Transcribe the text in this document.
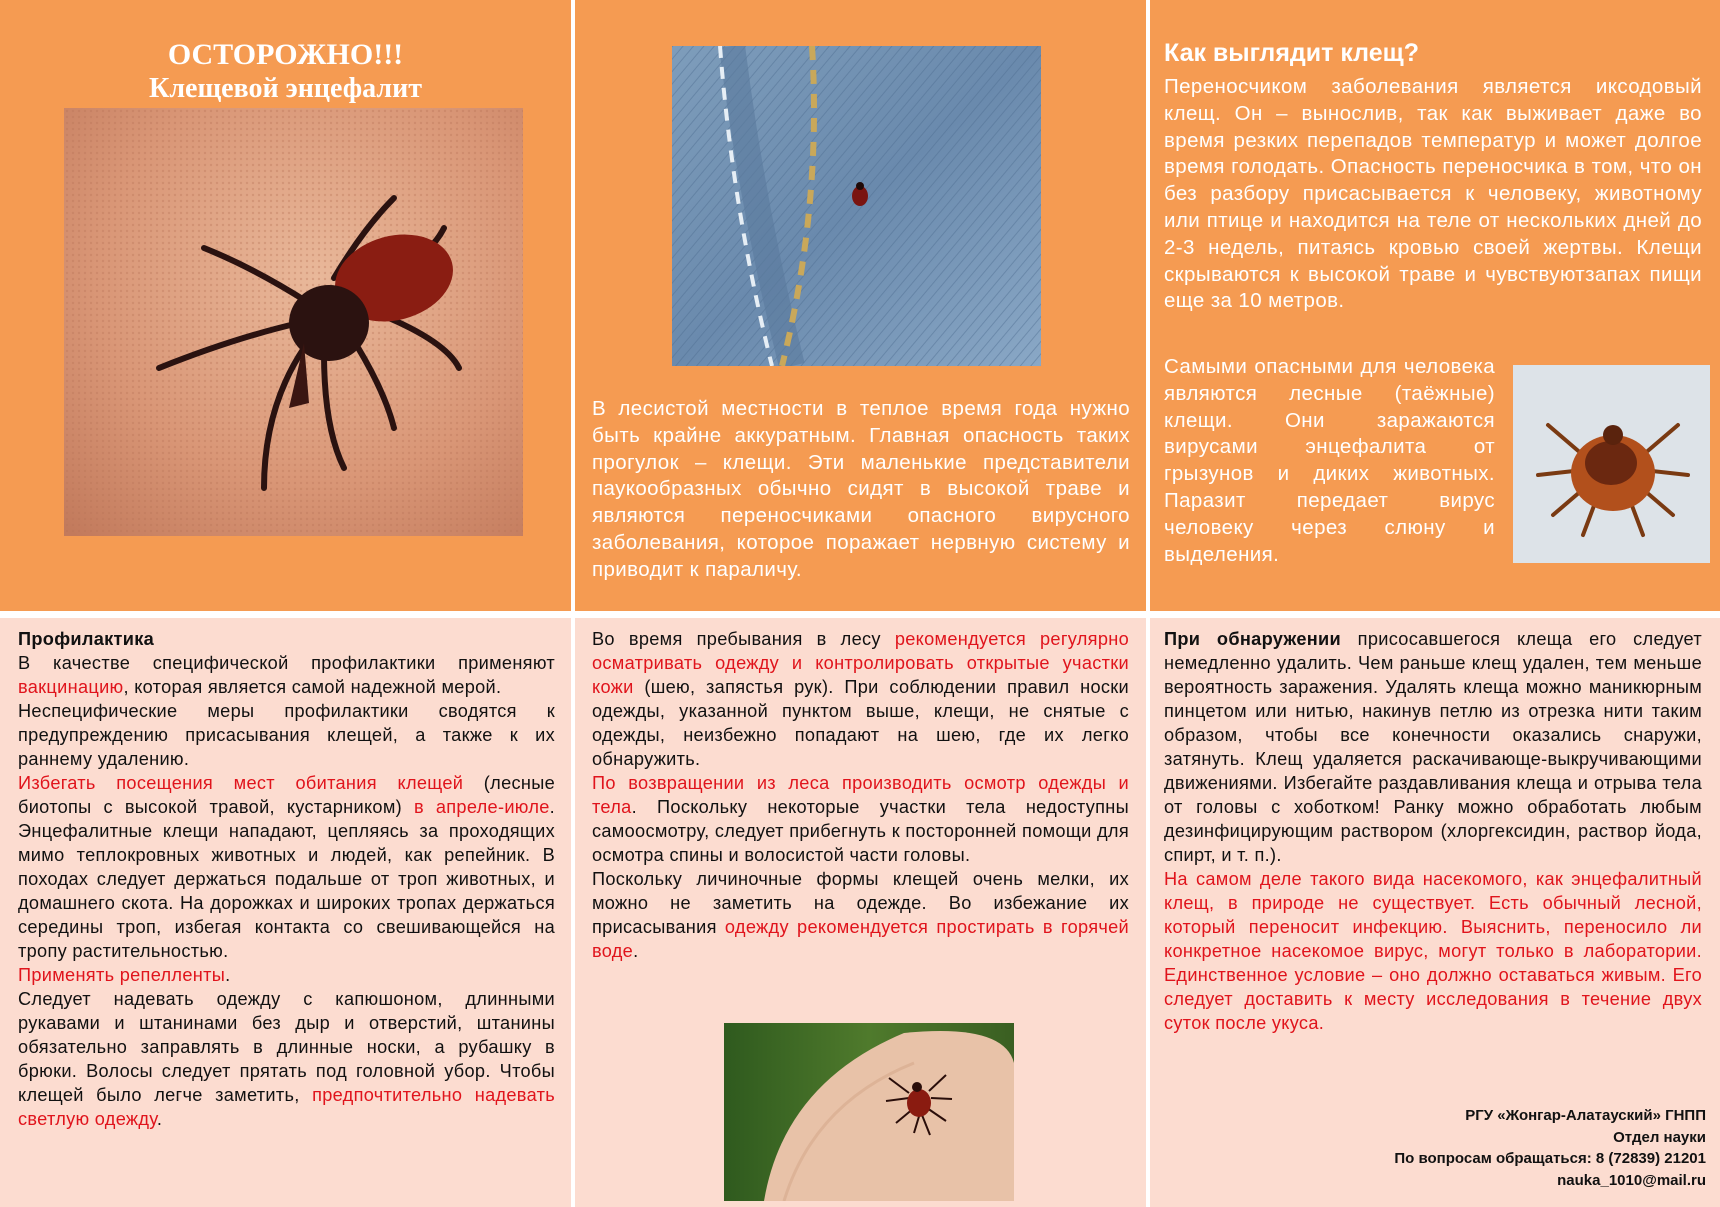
ОСТОРОЖНО!!!
Клещевой энцефалит

В лесистой местности в теплое время года нужно быть крайне аккуратным. Главная опасность таких прогулок – клещи. Эти маленькие представители паукообразных обычно сидят в высокой траве и являются переносчиками опасного вирусного заболевания, которое поражает нервную систему и приводит к параличу.

Как выглядит клещ?

Переносчиком заболевания является иксодовый клещ. Он – вынослив, так как выживает даже во время резких перепадов температур и может долгое время голодать. Опасность переносчика в том, что он без разбору присасывается к человеку, животному или птице и находится на теле от нескольких дней до 2-3 недель, питаясь кровью своей жертвы. Клещи скрываются к высокой траве и чувствуютзапах пищи еще за 10 метров.

Самыми опасными для человека являются лесные (таёжные) клещи. Они заражаются вирусами энцефалита от грызунов и диких животных. Паразит передает вирус человеку через слюну и выделения.

Профилактика

В качестве специфической профилактики применяют вакцинацию, которая является самой надежной мерой.

Неспецифические меры профилактики сводятся к предупреждению присасывания клещей, а также к их раннему удалению.

Избегать посещения мест обитания клещей (лесные биотопы с высокой травой, кустарником) в апреле-июле. Энцефалитные клещи нападают, цепляясь за проходящих мимо теплокровных животных и людей, как репейник. В походах следует держаться подальше от троп животных, и домашнего скота. На дорожках и широких тропах держаться середины троп, избегая контакта со свешивающейся на тропу растительностью.

Применять репелленты.

Следует надевать одежду с капюшоном, длинными рукавами и штанинами без дыр и отверстий, штанины обязательно заправлять в длинные носки, а рубашку в брюки. Волосы следует прятать под головной убор. Чтобы клещей было легче заметить, предпочтительно надевать светлую одежду.

Во время пребывания в лесу рекомендуется регулярно осматривать одежду и контролировать открытые участки кожи (шею, запястья рук). При соблюдении правил носки одежды, указанной пунктом выше, клещи, не снятые с одежды, неизбежно попадают на шею, где их легко обнаружить.

По возвращении из леса производить осмотр одежды и тела. Поскольку некоторые участки тела недоступны самоосмотру, следует прибегнуть к посторонней помощи для осмотра спины и волосистой части головы.

Поскольку личиночные формы клещей очень мелки, их можно не заметить на одежде. Во избежание их присасывания одежду рекомендуется простирать в горячей воде.

При обнаружении присосавшегося клеща его следует немедленно удалить. Чем раньше клещ удален, тем меньше вероятность заражения. Удалять клеща можно маникюрным пинцетом или нитью, накинув петлю из отрезка нити таким образом, чтобы все конечности оказались снаружи, затянуть. Клещ удаляется раскачивающе-выкручивающими движениями. Избегайте раздавливания клеща и отрыва тела от головы с хоботком! Ранку можно обработать любым дезинфицирующим раствором (хлоргексидин, раствор йода, спирт, и т. п.).

На самом деле такого вида насекомого, как энцефалитный клещ, в природе не существует. Есть обычный лесной, который переносит инфекцию. Выяснить, переносило ли конкретное насекомое вирус, могут только в лаборатории. Единственное условие – оно должно оставаться живым. Его следует доставить к месту исследования в течение двух суток после укуса.

РГУ «Жонгар-Алатауский» ГНПП
Отдел науки
По вопросам обращаться: 8 (72839) 21201
nauka_1010@mail.ru
